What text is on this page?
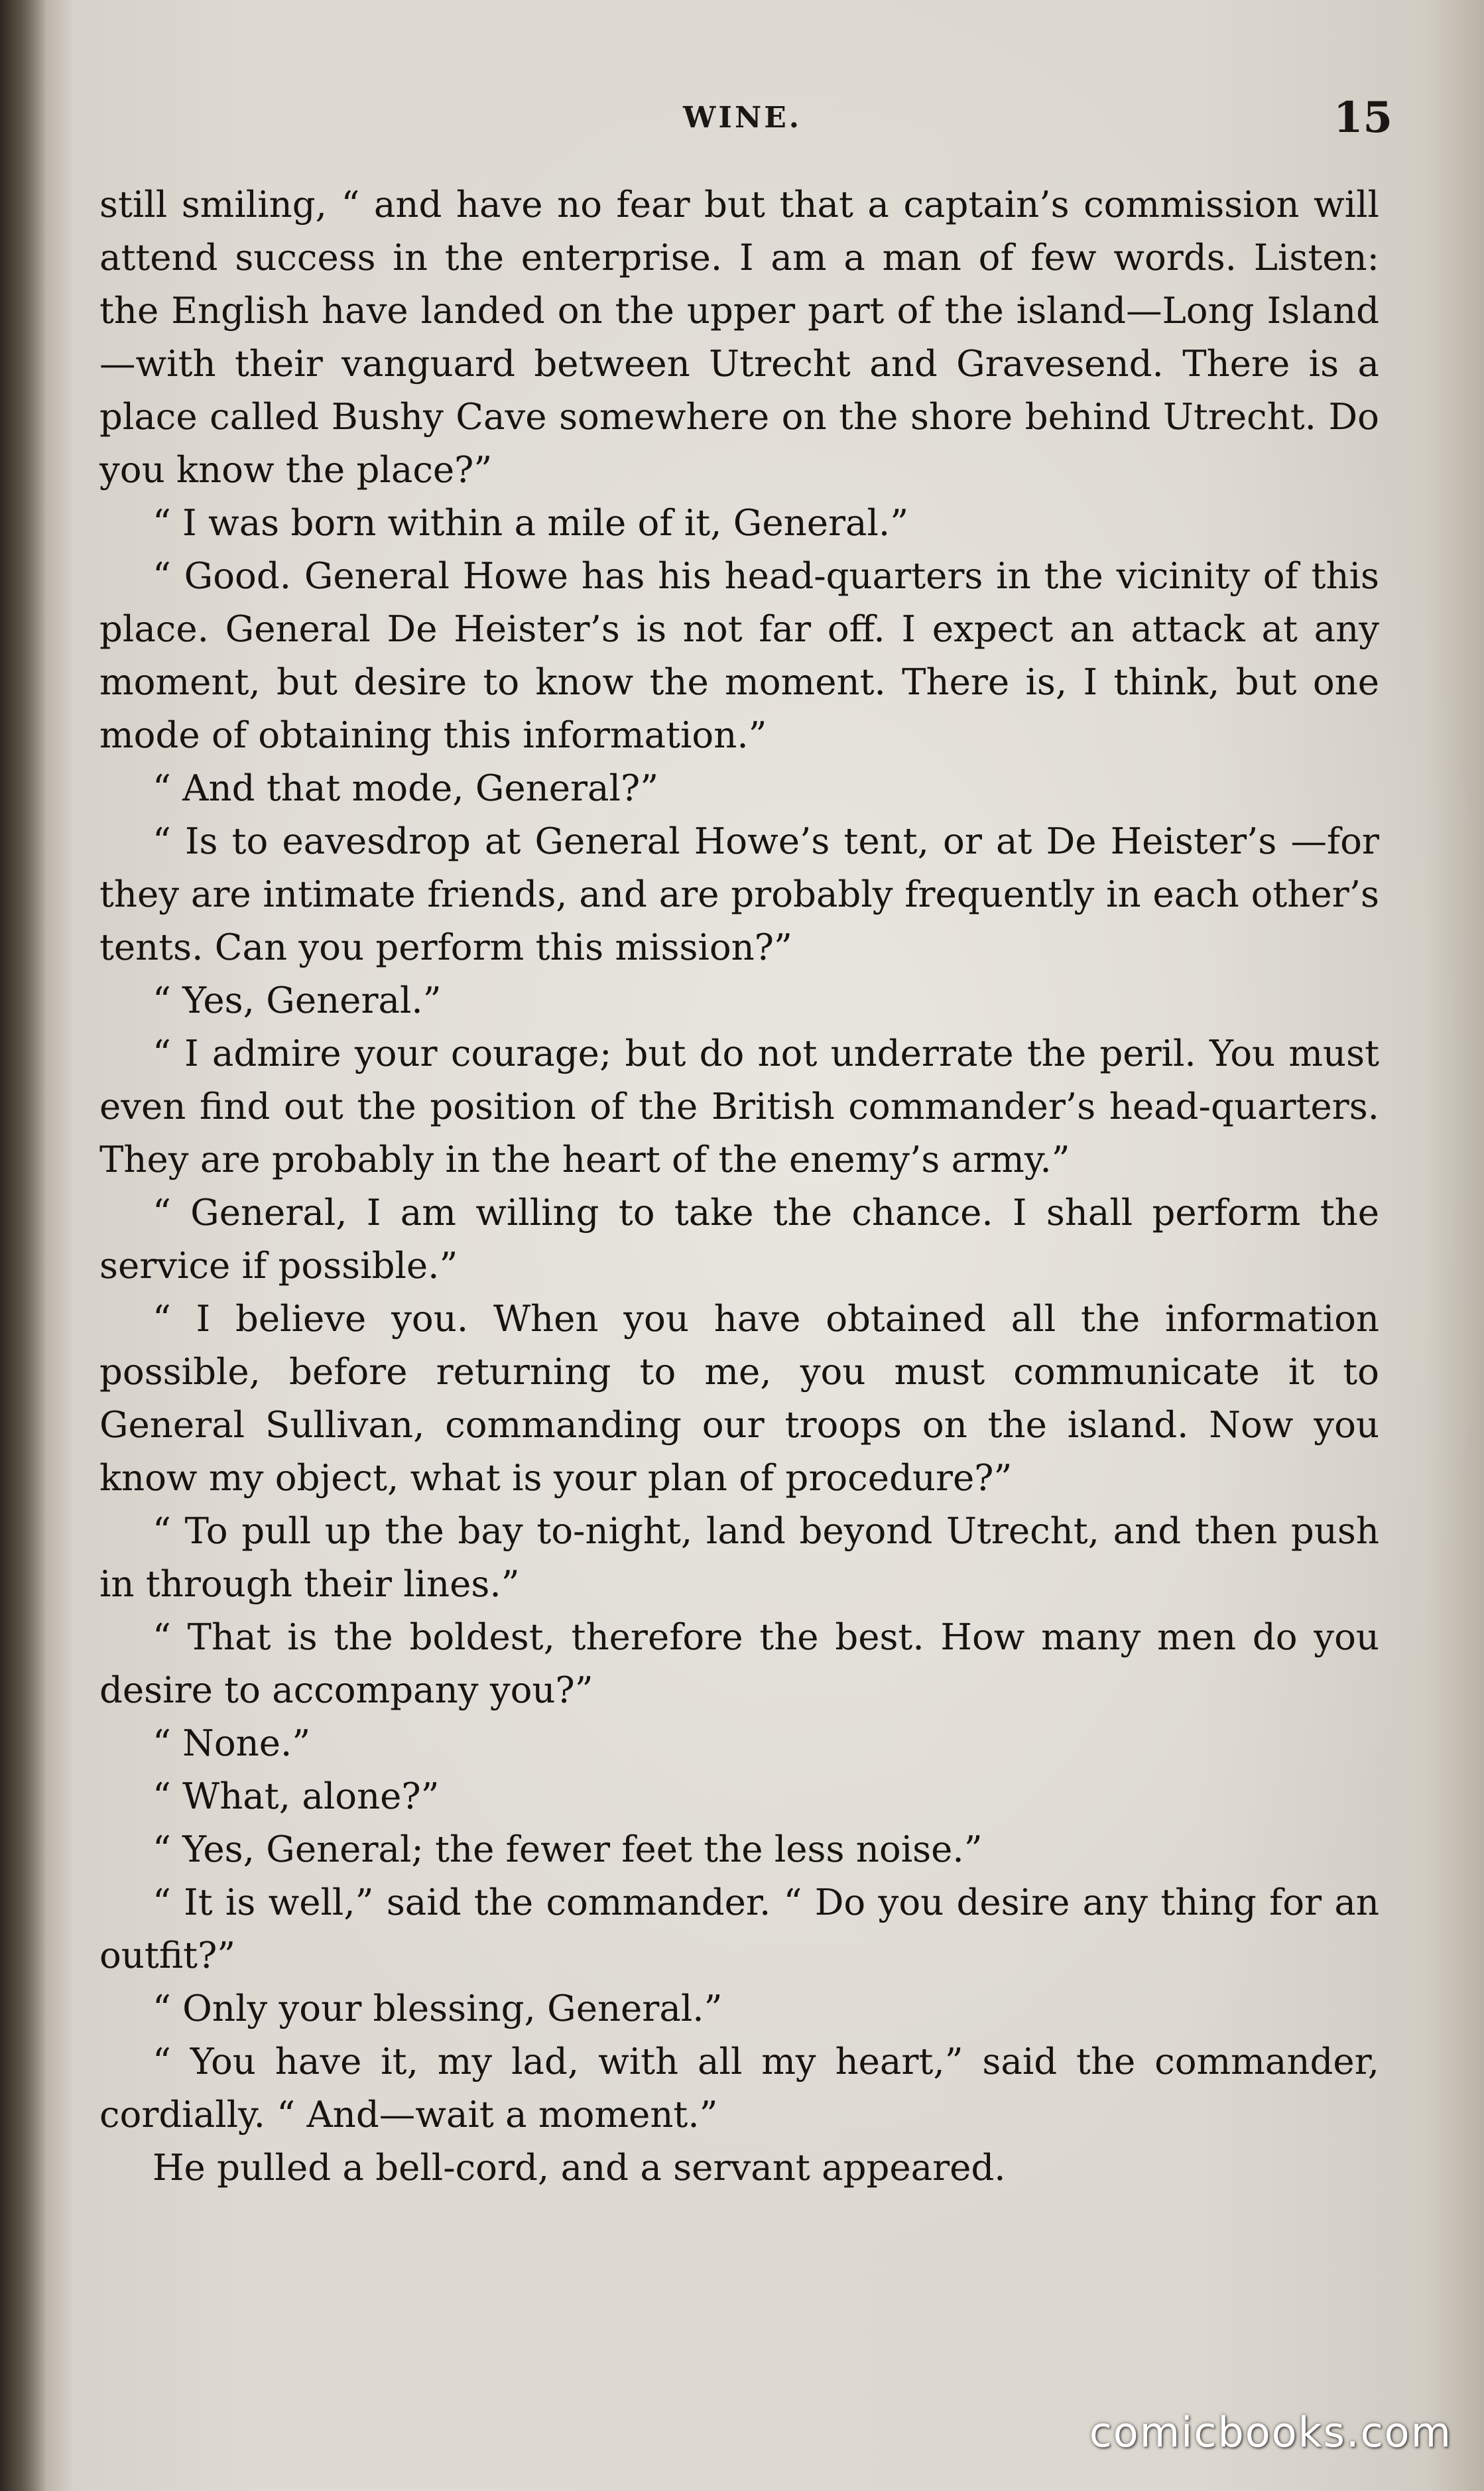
WINE.	15

still smiling, “ and have no fear but that a captain’s commission will attend success in the enterprise. I am a man of few words. Listen: the English have landed on the upper part of the island—Long Island—with their vanguard between Utrecht and Gravesend. There is a place called Bushy Cave somewhere on the shore behind Utrecht. Do you know the place?”

“ I was born within a mile of it, General.”

“ Good. General Howe has his head-quarters in the vicinity of this place. General De Heister’s is not far off. I expect an attack at any moment, but desire to know the moment. There is, I think, but one mode of obtaining this information.”

“ And that mode, General?”

“ Is to eavesdrop at General Howe’s tent, or at De Heister’s —for they are intimate friends, and are probably frequently in each other’s tents. Can you perform this mission?”

“ Yes, General.”

“ I admire your courage; but do not underrate the peril. You must even find out the position of the British commander’s head-quarters. They are probably in the heart of the enemy’s army.”

“ General, I am willing to take the chance. I shall perform the service if possible.”

“ I believe you. When you have obtained all the information possible, before returning to me, you must communicate it to General Sullivan, commanding our troops on the island. Now you know my object, what is your plan of procedure?”

“ To pull up the bay to-night, land beyond Utrecht, and then push in through their lines.”

“ That is the boldest, therefore the best. How many men do you desire to accompany you?”

“ None.”

“ What, alone?”

“ Yes, General; the fewer feet the less noise.”

“ It is well,” said the commander. “ Do you desire any thing for an outfit?”

“ Only your blessing, General.”

“ You have it, my lad, with all my heart,” said the commander, cordially. “ And—wait a moment.”

He pulled a bell-cord, and a servant appeared.

comicbooks.com
